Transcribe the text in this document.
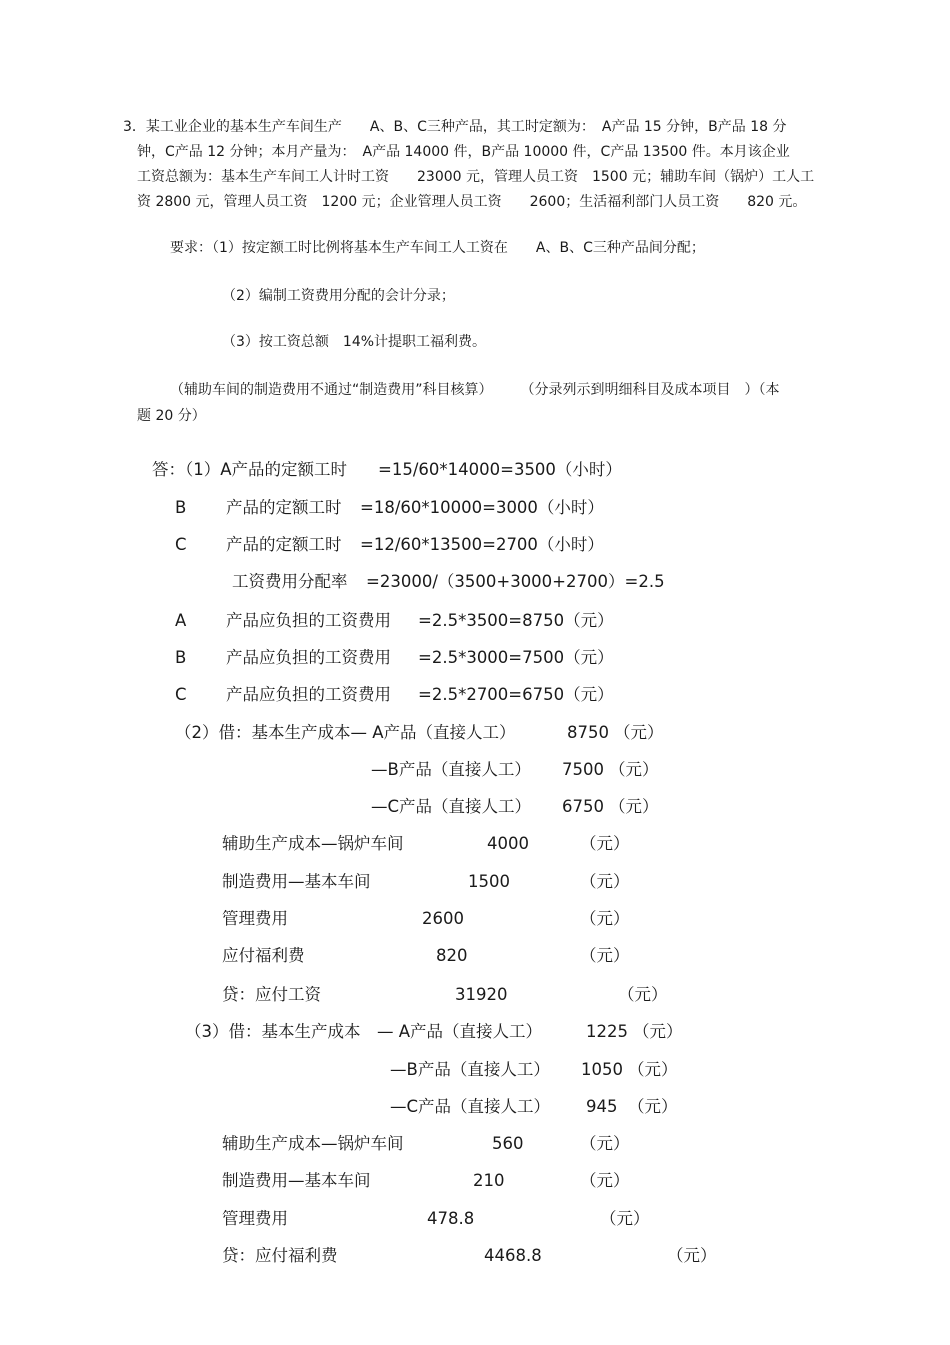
3．某工业企业的基本生产车间生产　　A、B、C三种产品，其工时定额为：　A产品 15 分钟，B产品 18 分
钟，C产品 12 分钟；本月产量为：　A产品 14000 件，B产品 10000 件，C产品 13500 件。本月该企业
工资总额为：基本生产车间工人计时工资　　23000 元，管理人员工资　1500 元；辅助车间（锅炉）工人工
资 2800 元，管理人员工资　1200 元；企业管理人员工资　　2600；生活福利部门人员工资　　820 元。
要求：（1）按定额工时比例将基本生产车间工人工资在　　A、B、C三种产品间分配；
（2）编制工资费用分配的会计分录；
（3）按工资总额　14%计提职工福利费。
（辅助车间的制造费用不通过“制造费用”科目核算）　　　（分录列示到明细科目及成本项目　）（本
题 20 分）
答：（1）A产品的定额工时 =15/60*14000=3500（小时）
B 产品的定额工时 =18/60*10000=3000（小时）
C 产品的定额工时 =12/60*13500=2700（小时）
工资费用分配率 =23000/（3500+3000+2700）=2.5
A 产品应负担的工资费用 =2.5*3500=8750（元）
B 产品应负担的工资费用 =2.5*3000=7500（元）
C 产品应负担的工资费用 =2.5*2700=6750（元）
（2）借：基本生产成本— A产品（直接人工）	8750 （元）
—B产品（直接人工） 7500 （元）
—C产品（直接人工） 6750 （元）
辅助生产成本—锅炉车间	4000	（元）
制造费用—基本车间	1500	（元）
管理费用	2600	（元）
应付福利费	820	（元）
贷：应付工资	31920	（元）
（3）借：基本生产成本　— A产品（直接人工）	1225 （元）
—B产品（直接人工） 1050 （元）
—C产品（直接人工） 945 （元）
辅助生产成本—锅炉车间	560	（元）
制造费用—基本车间	210	（元）
管理费用	478.8	（元）
贷：应付福利费	4468.8	（元）
